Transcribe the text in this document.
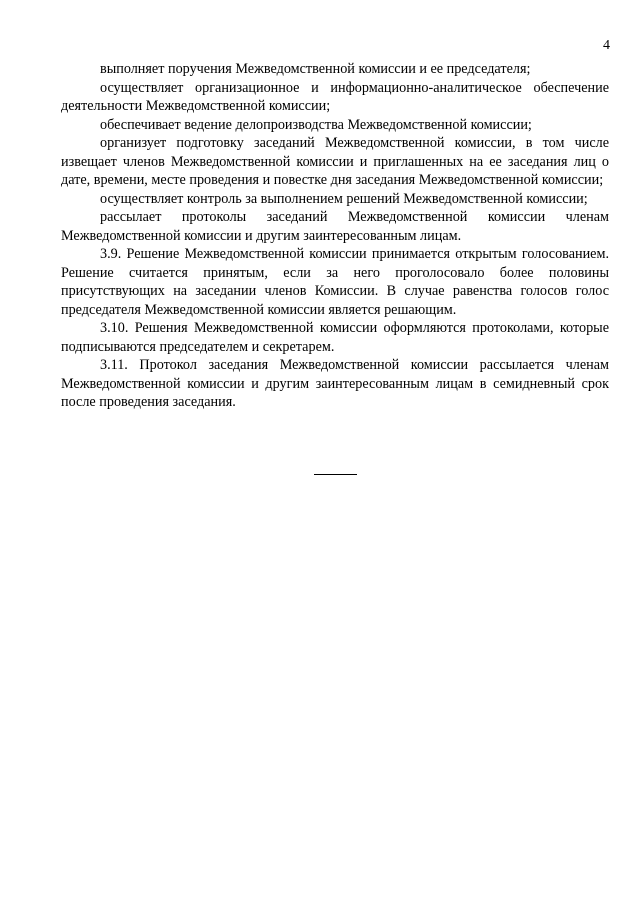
4

выполняет поручения Межведомственной комиссии и ее председателя;

осуществляет организационное и информационно-аналитическое обеспечение деятельности Межведомственной комиссии;

обеспечивает ведение делопроизводства Межведомственной комиссии;

организует подготовку заседаний Межведомственной комиссии, в том числе извещает членов Межведомственной комиссии и приглашенных на ее заседания лиц о дате, времени, месте проведения и повестке дня заседания Межведомственной комиссии;

осуществляет контроль за выполнением решений Межведомственной комиссии;

рассылает протоколы заседаний Межведомственной комиссии членам Межведомственной комиссии и другим заинтересованным лицам.

3.9. Решение Межведомственной комиссии принимается открытым голосованием. Решение считается принятым, если за него проголосовало более половины присутствующих на заседании членов Комиссии. В случае равенства голосов голос председателя Межведомственной комиссии является решающим.

3.10. Решения Межведомственной комиссии оформляются протоколами, которые подписываются председателем и секретарем.

3.11. Протокол заседания Межведомственной комиссии рассылается членам Межведомственной комиссии и другим заинтересованным лицам в семидневный срок после проведения заседания.
